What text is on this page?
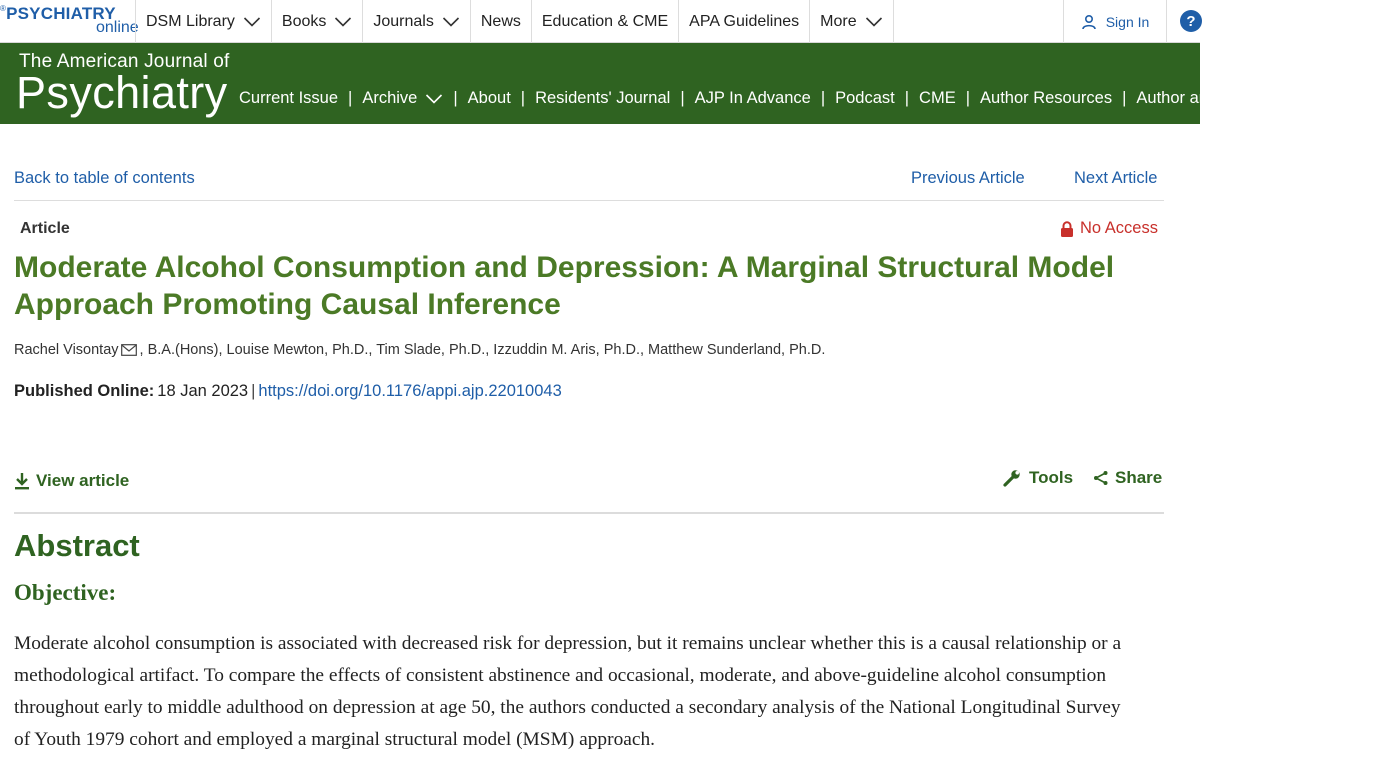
®PSYCHIATRY
online DSM Library	Books	Journals	News Education & CME APA Guidelines More	Sign In ?
The American Journal of
Psychiatry Current Issue | Archive | About | Residents' Journal | AJP In Advance | Podcast | CME | Author Resources | Author and Reviewer Information
Back to table of contents	Previous Article	Next Article
Article	No Access
Moderate Alcohol Consumption and Depression: A Marginal Structural Model Approach Promoting Causal Inference
Rachel Visontay , B.A.(Hons), Louise Mewton, Ph.D., Tim Slade, Ph.D., Izzuddin M. Aris, Ph.D., Matthew Sunderland, Ph.D.
Published Online: 18 Jan 2023 | https://doi.org/10.1176/appi.ajp.22010043
View article	Tools Share
Abstract
Objective:

Moderate alcohol consumption is associated with decreased risk for depression, but it remains unclear whether this is a causal relationship or a methodological artifact. To compare the effects of consistent abstinence and occasional, moderate, and above-guideline alcohol consumption throughout early to middle adulthood on depression at age 50, the authors conducted a secondary analysis of the National Longitudinal Survey of Youth 1979 cohort and employed a marginal structural model (MSM) approach.
